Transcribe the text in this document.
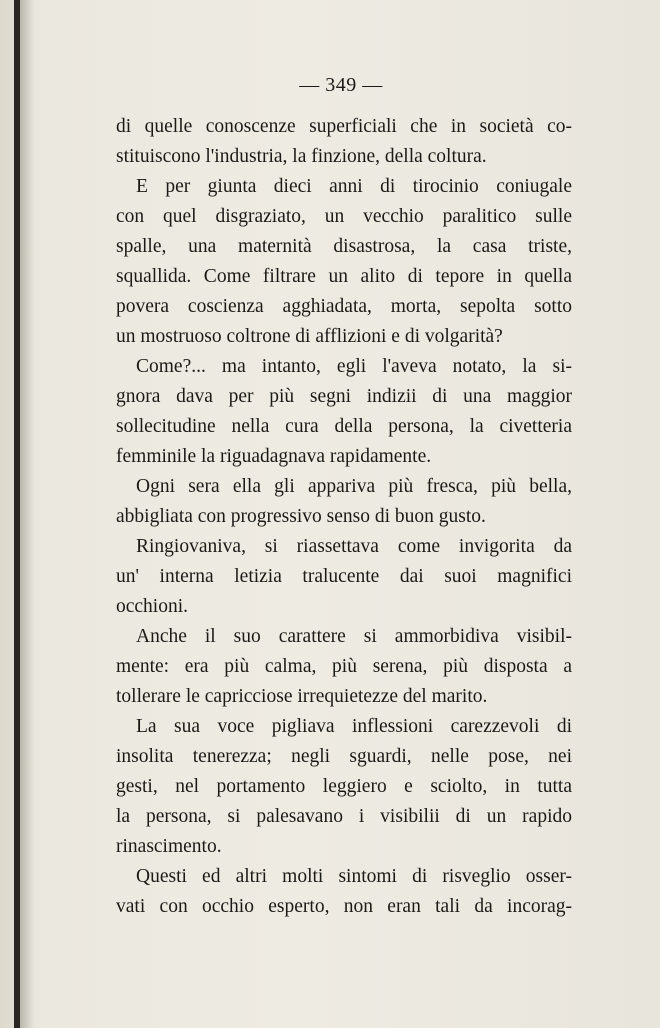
— 349 —
di quelle conoscenze superficiali che in società co-
stituiscono l'industria, la finzione, della coltura.
E per giunta dieci anni di tirocinio coniugale
con quel disgraziato, un vecchio paralitico sulle
spalle, una maternità disastrosa, la casa triste,
squallida. Come filtrare un alito di tepore in quella
povera coscienza agghiadata, morta, sepolta sotto
un mostruoso coltrone di afflizioni e di volgarità?
Come?... ma intanto, egli l'aveva notato, la si-
gnora dava per più segni indizii di una maggior
sollecitudine nella cura della persona, la civetteria
femminile la riguadagnava rapidamente.
Ogni sera ella gli appariva più fresca, più bella,
abbigliata con progressivo senso di buon gusto.
Ringiovaniva, si riassettava come invigorita da
un' interna letizia tralucente dai suoi magnifici
occhioni.
Anche il suo carattere si ammorbidiva visibil-
mente: era più calma, più serena, più disposta a
tollerare le capricciose irrequietezze del marito.
La sua voce pigliava inflessioni carezzevoli di
insolita tenerezza; negli sguardi, nelle pose, nei
gesti, nel portamento leggiero e sciolto, in tutta
la persona, si palesavano i visibilii di un rapido
rinascimento.
Questi ed altri molti sintomi di risveglio osser-
vati con occhio esperto, non eran tali da incorag-
